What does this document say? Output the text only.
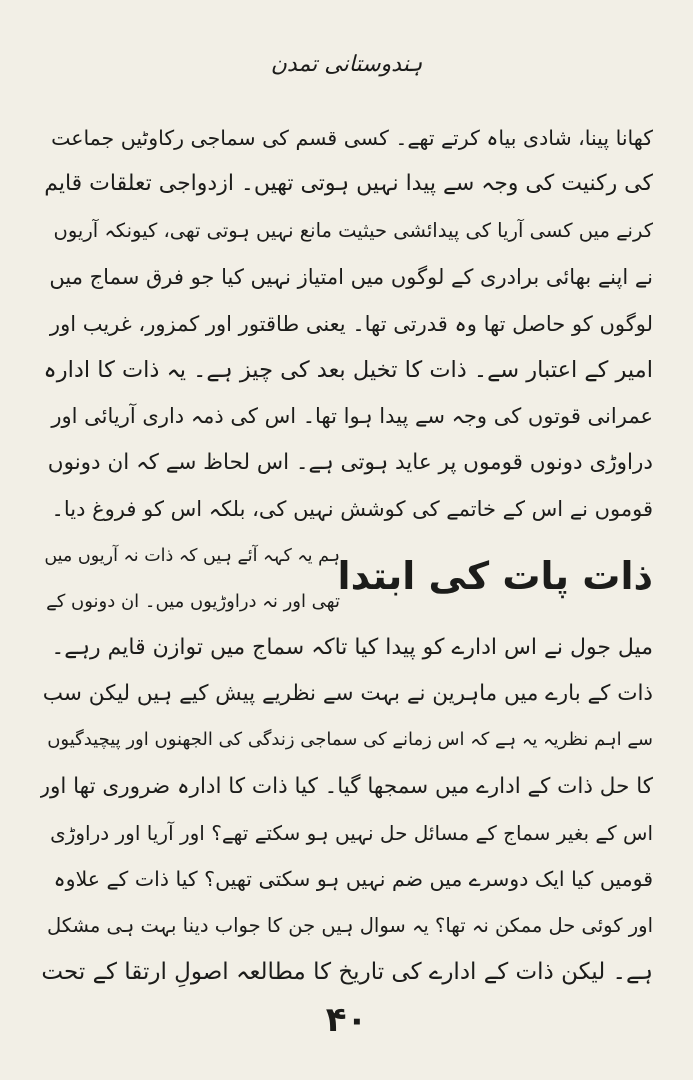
ہندوستانی تمدن
کھانا پینا، شادی بیاہ کرتے تھے۔ کسی قسم کی سماجی رکاوٹیں جماعت
کی رکنیت کی وجہ سے پیدا نہیں ہوتی تھیں۔ ازدواجی تعلقات قایم
کرنے میں کسی آریا کی پیدائشی حیثیت مانع نہیں ہوتی تھی، کیونکہ آریوں
نے اپنے بھائی برادری کے لوگوں میں امتیاز نہیں کیا جو فرق سماج میں
لوگوں کو حاصل تھا وہ قدرتی تھا۔ یعنی طاقتور اور کمزور، غریب اور
امیر کے اعتبار سے۔ ذات کا تخیل بعد کی چیز ہے۔ یہ ذات کا ادارہ
عمرانی قوتوں کی وجہ سے پیدا ہوا تھا۔ اس کی ذمہ داری آریائی اور
دراوڑی دونوں قوموں پر عاید ہوتی ہے۔ اس لحاظ سے کہ ان دونوں
قوموں نے اس کے خاتمے کی کوشش نہیں کی، بلکہ اس کو فروغ دیا۔
ذات پات کی ابتدا
ہم یہ کہہ آئے ہیں کہ ذات نہ آریوں میں
تھی اور نہ دراوڑیوں میں۔ ان دونوں کے
میل جول نے اس ادارے کو پیدا کیا تاکہ سماج میں توازن قایم رہے۔
ذات کے بارے میں ماہرین نے بہت سے نظریے پیش کیے ہیں لیکن سب
سے اہم نظریہ یہ ہے کہ اس زمانے کی سماجی زندگی کی الجھنوں اور پیچیدگیوں
کا حل ذات کے ادارے میں سمجھا گیا۔ کیا ذات کا ادارہ ضروری تھا اور
اس کے بغیر سماج کے مسائل حل نہیں ہو سکتے تھے؟ اور آریا اور دراوڑی
قومیں کیا ایک دوسرے میں ضم نہیں ہو سکتی تھیں؟ کیا ذات کے علاوہ
اور کوئی حل ممکن نہ تھا؟ یہ سوال ہیں جن کا جواب دینا بہت ہی مشکل
ہے۔ لیکن ذات کے ادارے کی تاریخ کا مطالعہ اصولِ ارتقا کے تحت
۴۰
